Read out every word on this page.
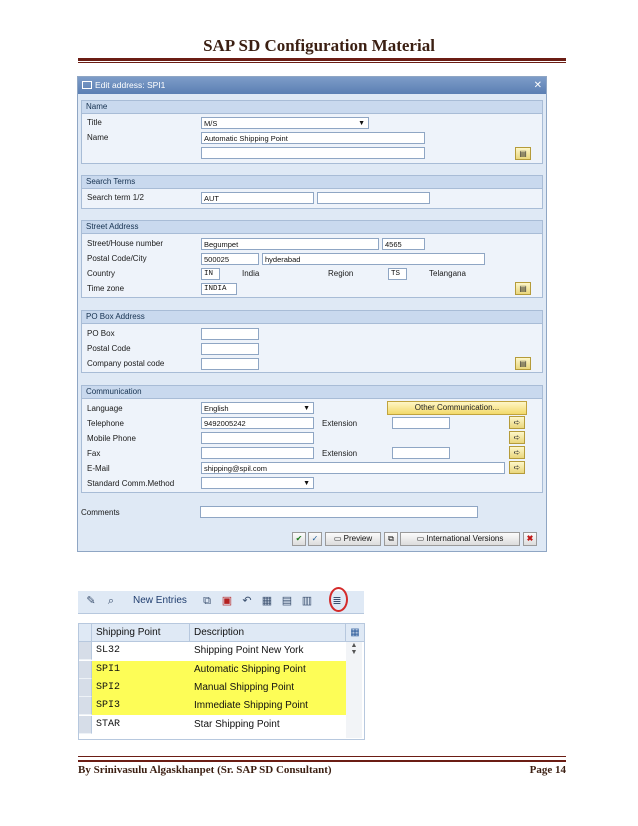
SAP SD Configuration Material
Edit address: SPI1	✕
Name
Title	M/S	▼
Name	Automatic Shipping Point
▤
Search Terms
Search term 1/2	AUT
Street Address
Street/House number	Begumpet	4565
Postal Code/City	500025	hyderabad
Country	IN	India	Region	TS	Telangana
Time zone	INDIA	▤
PO Box Address
PO Box
Postal Code
Company postal code	▤
Communication
Language	English	▼	Other Communication...
Telephone	9492005242	Extension	➪
Mobile Phone	➪
Fax	Extension	➪
E-Mail	shipping@spil.com	➪
Standard Comm.Method	▼
Comments
✔	✓	▭ Preview	⧉	▭ International Versions	✖
✎	⌕	New Entries ⧉ ▣ ↶ ▦ ▤ ▥ ≣
Shipping Point	Description	▦
SL32	Shipping Point New York
SPI1	Automatic Shipping Point
SPI2	Manual Shipping Point
SPI3	Immediate Shipping Point
STAR	Star Shipping Point
▲
▼
By Srinivasulu Algaskhanpet (Sr. SAP SD Consultant)	Page 14
